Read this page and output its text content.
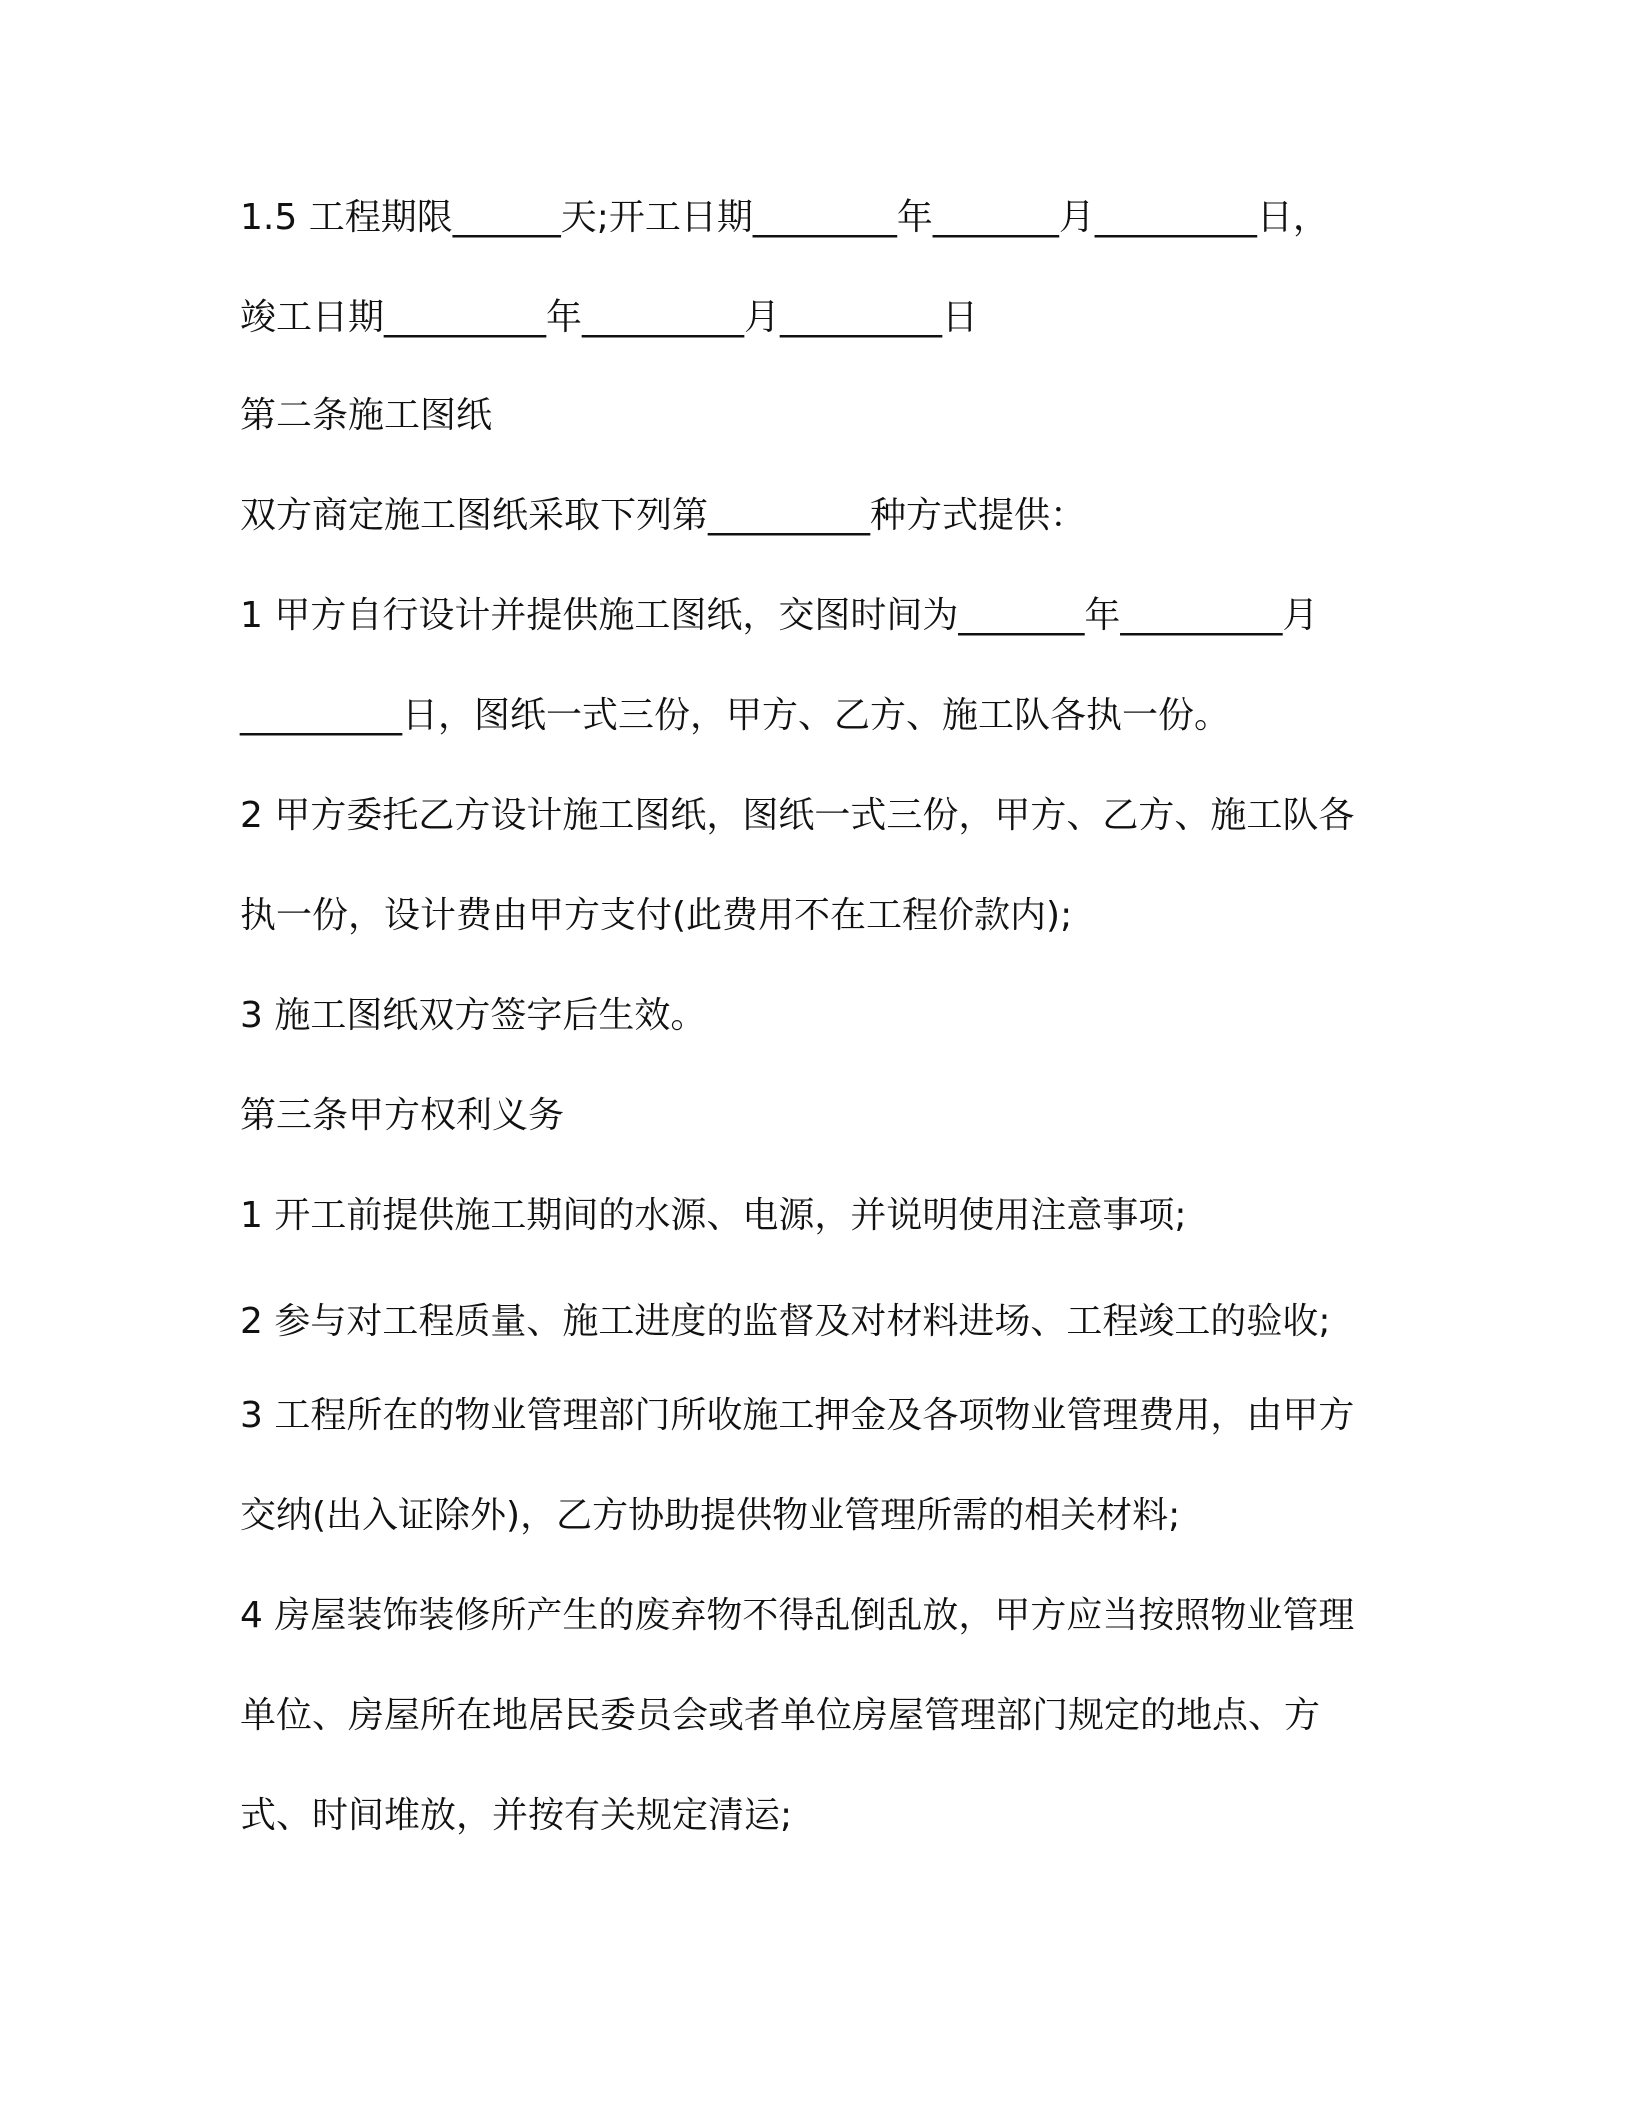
1.5 工程期限______天;开工日期________年_______月_________日，
竣工日期_________年_________月_________日
第二条施工图纸
双方商定施工图纸采取下列第_________种方式提供：
1 甲方自行设计并提供施工图纸，交图时间为_______年_________月
_________日，图纸一式三份，甲方、乙方、施工队各执一份。
2 甲方委托乙方设计施工图纸，图纸一式三份，甲方、乙方、施工队各
执一份，设计费由甲方支付(此费用不在工程价款内);
3 施工图纸双方签字后生效。
第三条甲方权利义务
1 开工前提供施工期间的水源、电源，并说明使用注意事项;
2 参与对工程质量、施工进度的监督及对材料进场、工程竣工的验收;
3 工程所在的物业管理部门所收施工押金及各项物业管理费用，由甲方
交纳(出入证除外)，乙方协助提供物业管理所需的相关材料;
4 房屋装饰装修所产生的废弃物不得乱倒乱放，甲方应当按照物业管理
单位、房屋所在地居民委员会或者单位房屋管理部门规定的地点、方
式、时间堆放，并按有关规定清运;
